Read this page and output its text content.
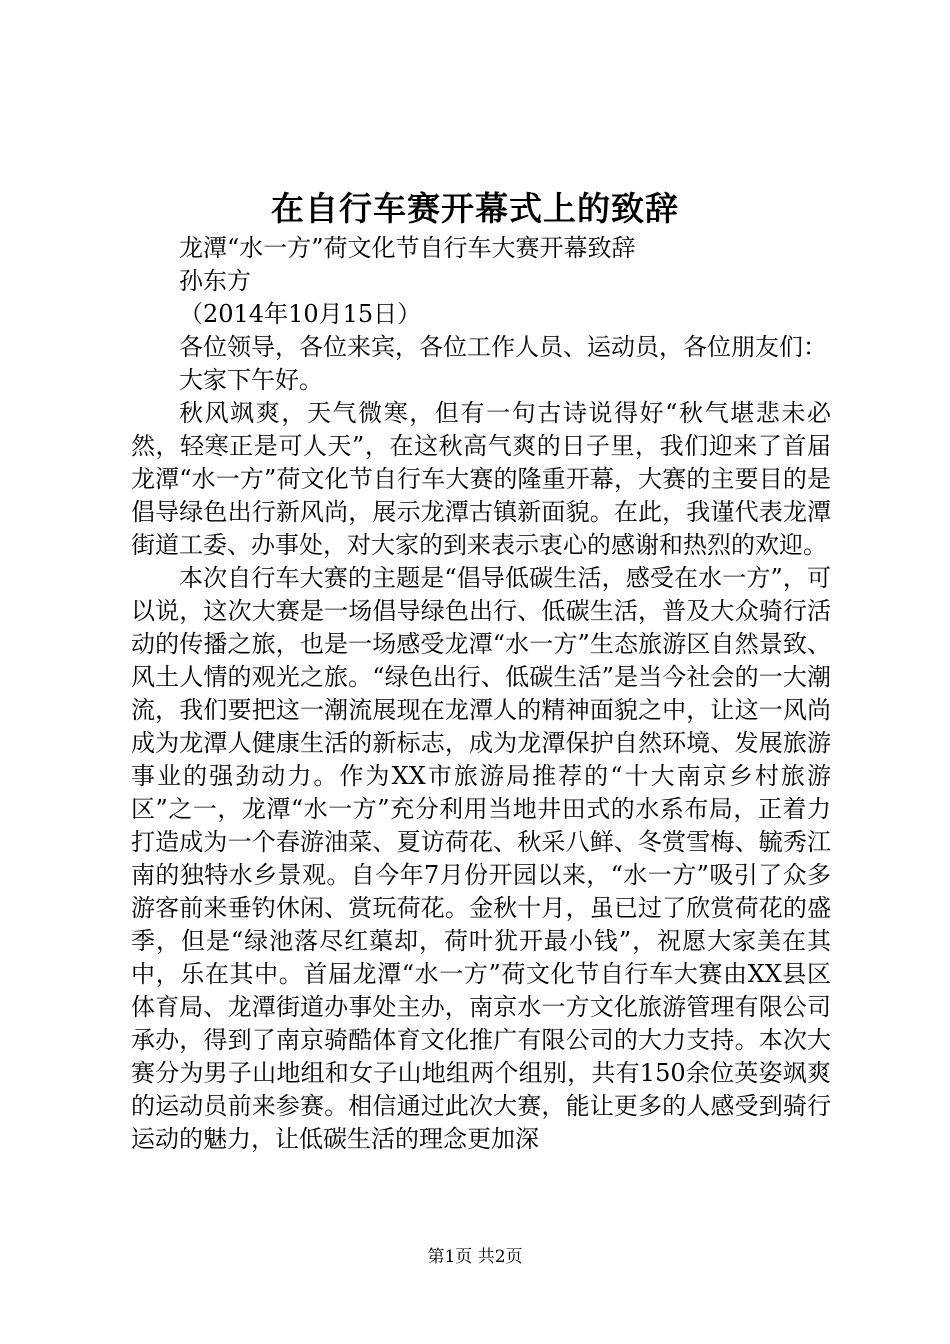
在自行车赛开幕式上的致辞

龙潭“水一方”荷文化节自行车大赛开幕致辞

孙东方

（2014年10月15日）

各位领导，各位来宾，各位工作人员、运动员，各位朋友们：

大家下午好。

秋风飒爽，天气微寒，但有一句古诗说得好“秋气堪悲未必然，轻寒正是可人天”，在这秋高气爽的日子里，我们迎来了首届龙潭“水一方”荷文化节自行车大赛的隆重开幕，大赛的主要目的是倡导绿色出行新风尚，展示龙潭古镇新面貌。在此，我谨代表龙潭街道工委、办事处，对大家的到来表示衷心的感谢和热烈的欢迎。

本次自行车大赛的主题是“倡导低碳生活，感受在水一方”，可以说，这次大赛是一场倡导绿色出行、低碳生活，普及大众骑行活动的传播之旅，也是一场感受龙潭“水一方”生态旅游区自然景致、风土人情的观光之旅。“绿色出行、低碳生活”是当今社会的一大潮流，我们要把这一潮流展现在龙潭人的精神面貌之中，让这一风尚成为龙潭人健康生活的新标志，成为龙潭保护自然环境、发展旅游事业的强劲动力。作为XX市旅游局推荐的“十大南京乡村旅游区”之一，龙潭“水一方”充分利用当地井田式的水系布局，正着力打造成为一个春游油菜、夏访荷花、秋采八鲜、冬赏雪梅、毓秀江南的独特水乡景观。自今年7月份开园以来，“水一方”吸引了众多游客前来垂钓休闲、赏玩荷花。金秋十月，虽已过了欣赏荷花的盛季，但是“绿池落尽红蕖却，荷叶犹开最小钱”，祝愿大家美在其中，乐在其中。首届龙潭“水一方”荷文化节自行车大赛由XX县区体育局、龙潭街道办事处主办，南京水一方文化旅游管理有限公司承办，得到了南京骑酷体育文化推广有限公司的大力支持。本次大赛分为男子山地组和女子山地组两个组别，共有150余位英姿飒爽的运动员前来参赛。相信通过此次大赛，能让更多的人感受到骑行运动的魅力，让低碳生活的理念更加深

第1页 共2页
